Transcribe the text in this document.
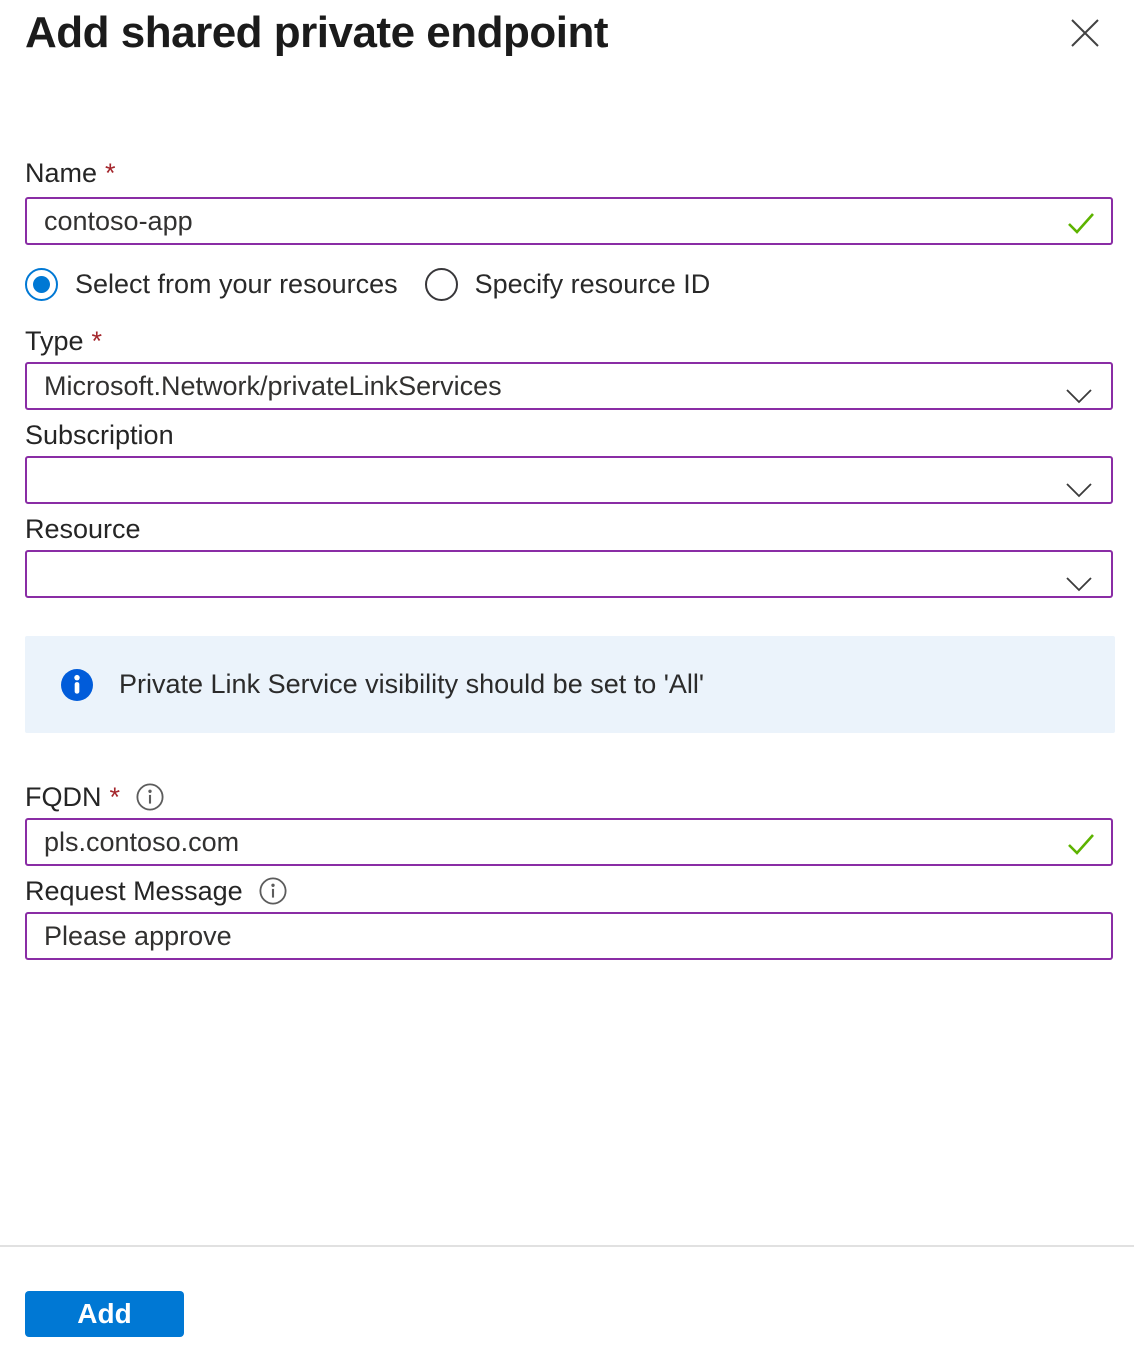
Add shared private endpoint
Name *
contoso-app
Select from your resources	Specify resource ID
Type *
Microsoft.Network/privateLinkServices
Subscription
Resource
Private Link Service visibility should be set to 'All'
FQDN *
pls.contoso.com
Request Message
Please approve
Add
